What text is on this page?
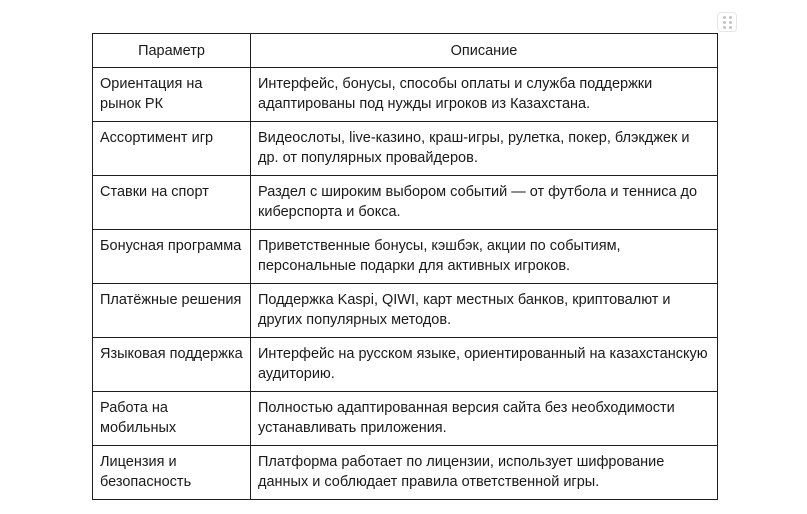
Параметр	Описание
Ориентация на рынок РК	Интерфейс, бонусы, способы оплаты и служба поддержки адаптированы под нужды игроков из Казахстана.
Ассортимент игр	Видеослоты, live-казино, краш-игры, рулетка, покер, блэкджек и др. от популярных провайдеров.
Ставки на спорт	Раздел с широким выбором событий — от футбола и тенниса до киберспорта и бокса.
Бонусная программа	Приветственные бонусы, кэшбэк, акции по событиям, персональные подарки для активных игроков.
Платёжные решения	Поддержка Kaspi, QIWI, карт местных банков, криптовалют и других популярных методов.
Языковая поддержка	Интерфейс на русском языке, ориентированный на казахстанскую аудиторию.
Работа на мобильных	Полностью адаптированная версия сайта без необходимости устанавливать приложения.
Лицензия и безопасность	Платформа работает по лицензии, использует шифрование данных и соблюдает правила ответственной игры.
